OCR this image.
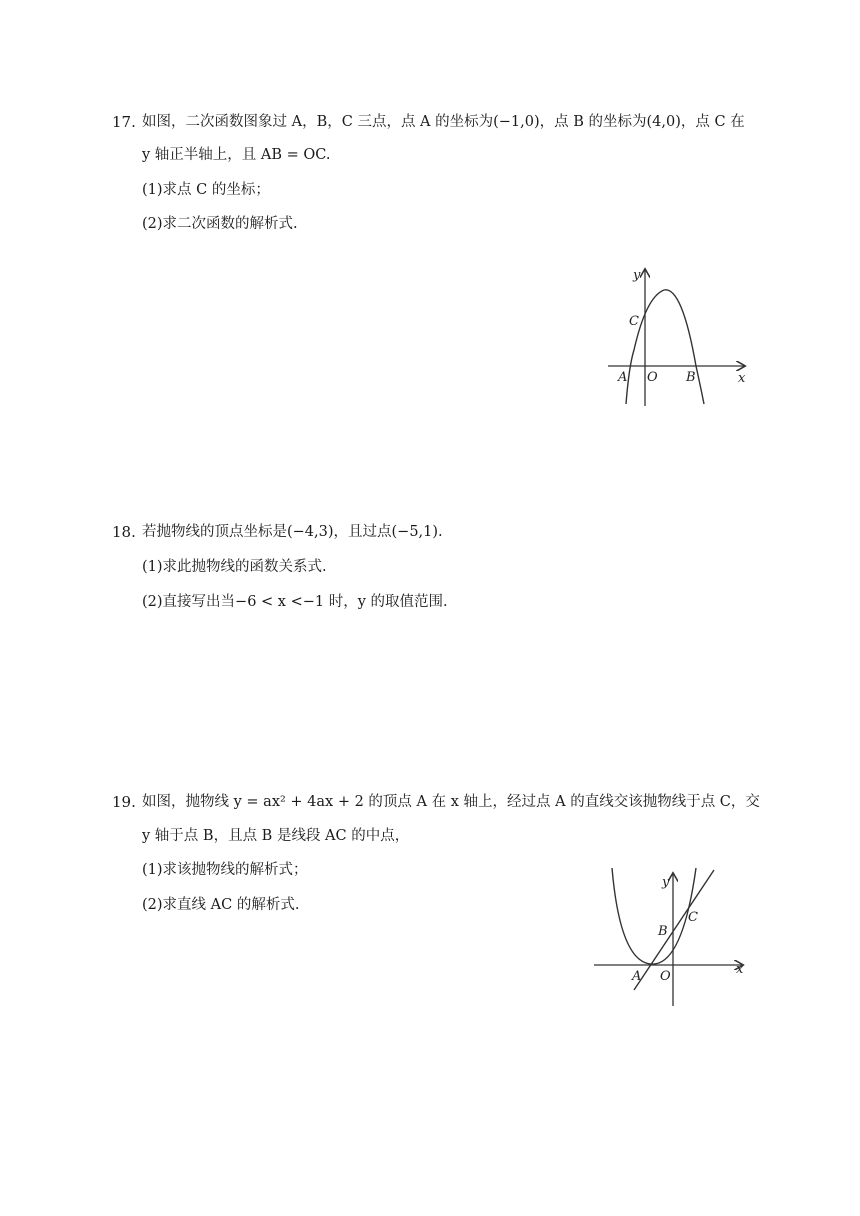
17. 如图，二次函数图象过 A，B，C 三点，点 A 的坐标为(−1,0)，点 B 的坐标为(4,0)，点 C 在
y 轴正半轴上，且 AB = OC.
(1)求点 C 的坐标；
(2)求二次函数的解析式.
y
x
C
A O B
18. 若抛物线的顶点坐标是(−4,3)，且过点(−5,1).
(1)求此抛物线的函数关系式.
(2)直接写出当−6 < x <−1 时，y 的取值范围.
19. 如图，抛物线 y = ax² + 4ax + 2 的顶点 A 在 x 轴上，经过点 A 的直线交该抛物线于点 C，交
y 轴于点 B，且点 B 是线段 AC 的中点，
(1)求该抛物线的解析式；
(2)求直线 AC 的解析式.
y
x
C
B
A O
